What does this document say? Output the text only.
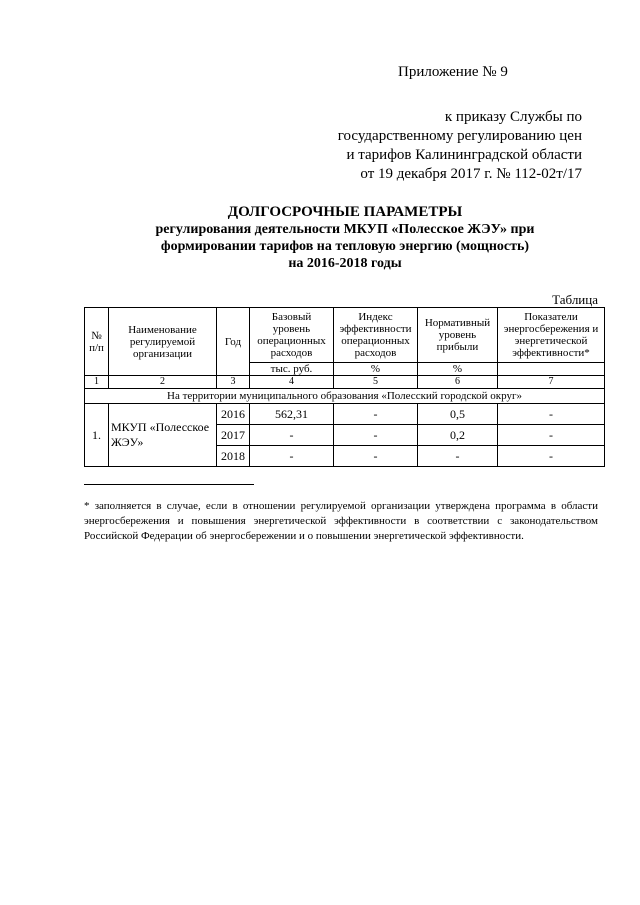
Приложение № 9
к приказу Службы по
государственному регулированию цен
и тарифов Калининградской области
от 19 декабря 2017 г. № 112-02т/17
ДОЛГОСРОЧНЫЕ ПАРАМЕТРЫ
регулирования деятельности МКУП «Полесское ЖЭУ» при
формировании тарифов на тепловую энергию (мощность)
на 2016-2018 годы
Таблица
№ п/п	Наименование регулируемой организации	Год	Базовый уровень операционных расходов	Индекс эффективности операционных расходов	Нормативный уровень прибыли	Показатели энергосбережения и энергетической эффективности*
			тыс. руб.	%	%	
1	2	3	4	5	6	7
На территории муниципального образования «Полесский городской округ»						
1.	МКУП «Полесское ЖЭУ»	2016	562,31	-	0,5	-
		2017	-	-	0,2	-
		2018	-	-	-	-
* заполняется в случае, если в отношении регулируемой организации утверждена программа в области энергосбережения и повышения энергетической эффективности в соответствии с законодательством Российской Федерации об энергосбережении и о повышении энергетической эффективности.
